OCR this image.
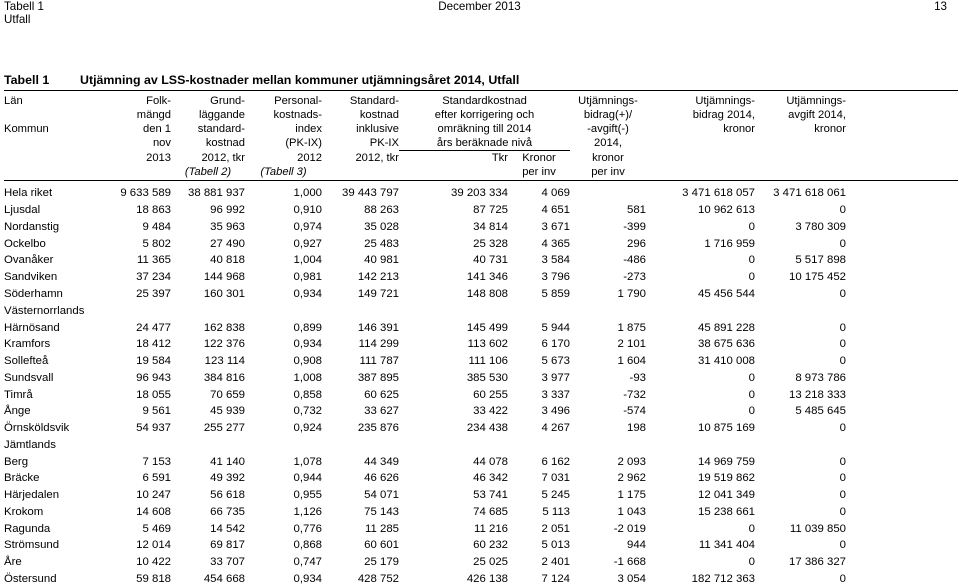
Tabell 1
Utfall
December 2013	13
Tabell 1 Utjämning av LSS-kostnader mellan kommuner utjämningsåret 2014, Utfall
Län	Folk-	Grund-	Personal-	Standard-	Standardkostnad		Utjämnings-	Utjämnings-	Utjämnings-
	mängd	läggande	kostnads-	kostnad	efter korrigering och		bidrag(+)/	bidrag 2014,	avgift 2014,
Kommun	den 1	standard-	index	inklusive	omräkning till 2014		-avgift(-)	kronor	kronor
	nov	kostnad	(PK-IX)	PK-IX	års beräknade nivå		2014,		
	2013	2012, tkr	2012	2012, tkr	Tkr	Kronor	kronor		
		(Tabell 2)	(Tabell 3)			per inv	per inv		

Hela riket	9 633 589	38 881 937	1,000	39 443 797	39 203 334	4 069		3 471 618 057	3 471 618 061
Ljusdal	18 863	96 992	0,910	88 263	87 725	4 651	581	10 962 613	0
Nordanstig	9 484	35 963	0,974	35 028	34 814	3 671	-399	0	3 780 309
Ockelbo	5 802	27 490	0,927	25 483	25 328	4 365	296	1 716 959	0
Ovanåker	11 365	40 818	1,004	40 981	40 731	3 584	-486	0	5 517 898
Sandviken	37 234	144 968	0,981	142 213	141 346	3 796	-273	0	10 175 452
Söderhamn	25 397	160 301	0,934	149 721	148 808	5 859	1 790	45 456 544	0
Västernorrlands									
Härnösand	24 477	162 838	0,899	146 391	145 499	5 944	1 875	45 891 228	0
Kramfors	18 412	122 376	0,934	114 299	113 602	6 170	2 101	38 675 636	0
Sollefteå	19 584	123 114	0,908	111 787	111 106	5 673	1 604	31 410 008	0
Sundsvall	96 943	384 816	1,008	387 895	385 530	3 977	-93	0	8 973 786
Timrå	18 055	70 659	0,858	60 625	60 255	3 337	-732	0	13 218 333
Ånge	9 561	45 939	0,732	33 627	33 422	3 496	-574	0	5 485 645
Örnsköldsvik	54 937	255 277	0,924	235 876	234 438	4 267	198	10 875 169	0
Jämtlands									
Berg	7 153	41 140	1,078	44 349	44 078	6 162	2 093	14 969 759	0
Bräcke	6 591	49 392	0,944	46 626	46 342	7 031	2 962	19 519 862	0
Härjedalen	10 247	56 618	0,955	54 071	53 741	5 245	1 175	12 041 349	0
Krokom	14 608	66 735	1,126	75 143	74 685	5 113	1 043	15 238 661	0
Ragunda	5 469	14 542	0,776	11 285	11 216	2 051	-2 019	0	11 039 850
Strömsund	12 014	69 817	0,868	60 601	60 232	5 013	944	11 341 404	0
Åre	10 422	33 707	0,747	25 179	25 025	2 401	-1 668	0	17 386 327
Östersund	59 818	454 668	0,934	428 752	426 138	7 124	3 054	182 712 363	0
